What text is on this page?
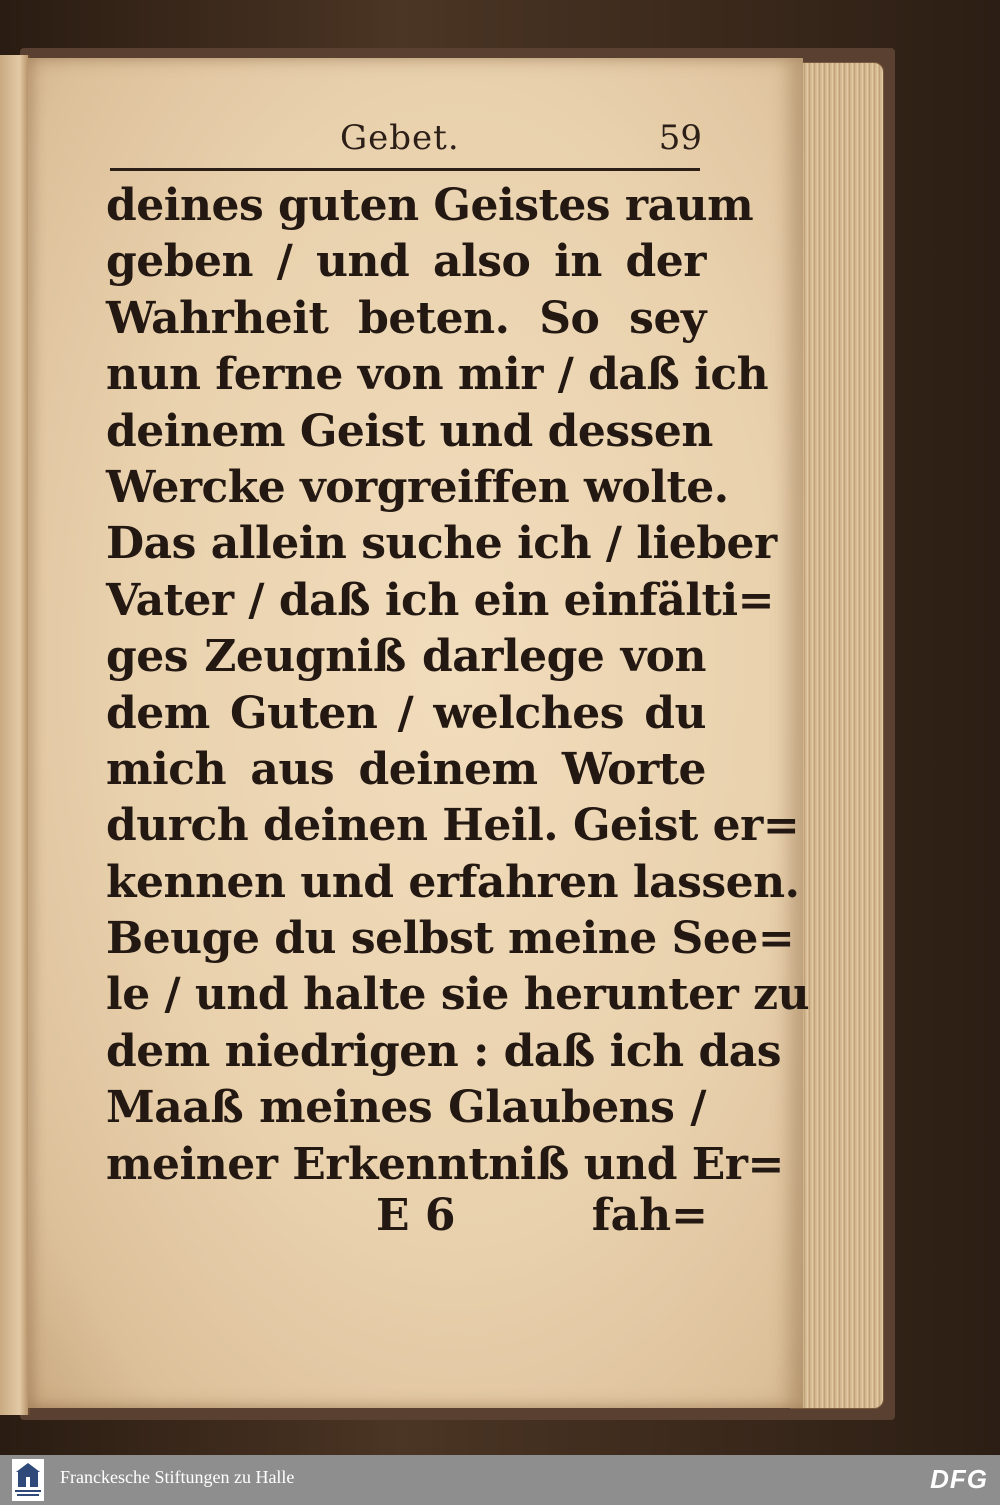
Gebet.	59
deines guten Geistes raum
geben / und also in der
Wahrheit beten. So sey
nun ferne von mir / daß ich
deinem Geist und dessen
Wercke vorgreiffen wolte.
Das allein suche ich / lieber
Vater / daß ich ein einfälti=
ges Zeugniß darlege von
dem Guten / welches du
mich aus deinem Worte
durch deinen Heil. Geist er=
kennen und erfahren lassen.
Beuge du selbst meine See=
le / und halte sie herunter zu
dem niedrigen : daß ich das
Maaß meines Glaubens /
meiner Erkenntniß und Er=
E 6	fah=
Franckesche Stiftungen zu Halle	DFG
